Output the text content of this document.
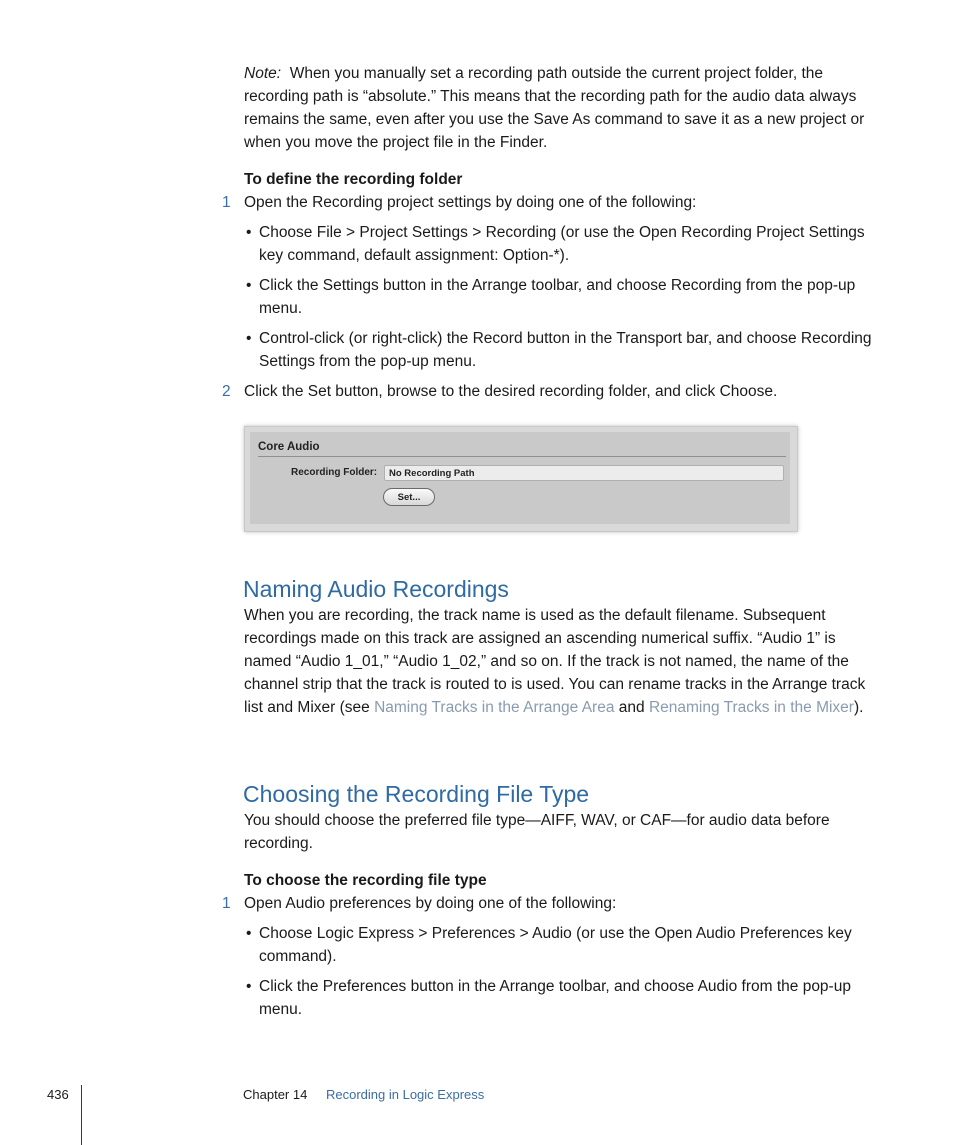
Note: When you manually set a recording path outside the current project folder, the recording path is “absolute.” This means that the recording path for the audio data always remains the same, even after you use the Save As command to save it as a new project or when you move the project file in the Finder.

To define the recording folder
1 Open the Recording project settings by doing one of the following:
• Choose File > Project Settings > Recording (or use the Open Recording Project Settings key command, default assignment: Option-*).
• Click the Settings button in the Arrange toolbar, and choose Recording from the pop-up menu.
• Control-click (or right-click) the Record button in the Transport bar, and choose Recording Settings from the pop-up menu.
2 Click the Set button, browse to the desired recording folder, and click Choose.
Core Audio
Recording Folder:	No Recording Path
Set...
Naming Audio Recordings

When you are recording, the track name is used as the default filename. Subsequent recordings made on this track are assigned an ascending numerical suffix. “Audio 1” is named “Audio 1_01,” “Audio 1_02,” and so on. If the track is not named, the name of the channel strip that the track is routed to is used. You can rename tracks in the Arrange track list and Mixer (see Naming Tracks in the Arrange Area and Renaming Tracks in the Mixer).

Choosing the Recording File Type

You should choose the preferred file type—AIFF, WAV, or CAF—for audio data before recording.

To choose the recording file type
1 Open Audio preferences by doing one of the following:
• Choose Logic Express > Preferences > Audio (or use the Open Audio Preferences key command).
• Click the Preferences button in the Arrange toolbar, and choose Audio from the pop-up menu.
436	Chapter 14 Recording in Logic Express
